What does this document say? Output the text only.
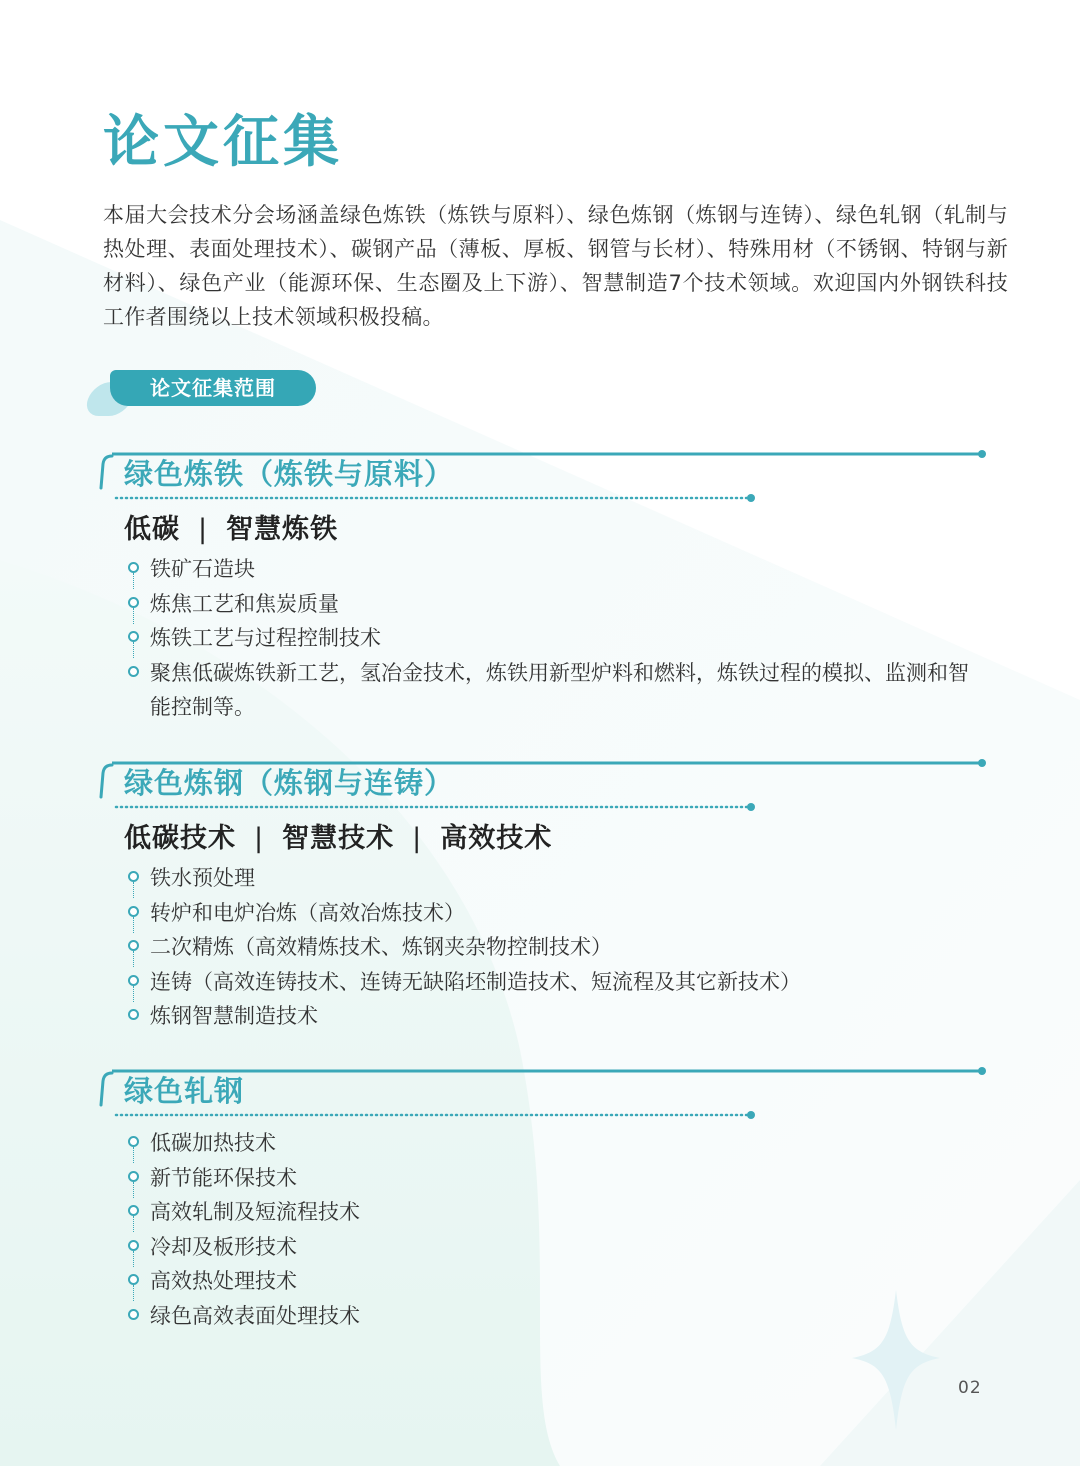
论文征集
本届大会技术分会场涵盖绿色炼铁（炼铁与原料）、绿色炼钢（炼钢与连铸）、绿色轧钢（轧制与热处理、表面处理技术）、碳钢产品（薄板、厚板、钢管与长材）、特殊用材（不锈钢、特钢与新材料）、绿色产业（能源环保、生态圈及上下游）、智慧制造7个技术领域。欢迎国内外钢铁科技工作者围绕以上技术领域积极投稿。
论文征集范围
绿色炼铁（炼铁与原料）
低碳 | 智慧炼铁
铁矿石造块
炼焦工艺和焦炭质量
炼铁工艺与过程控制技术
聚焦低碳炼铁新工艺，氢冶金技术，炼铁用新型炉料和燃料，炼铁过程的模拟、监测和智能控制等。
绿色炼钢（炼钢与连铸）
低碳技术 | 智慧技术 | 高效技术
铁水预处理
转炉和电炉冶炼（高效冶炼技术）
二次精炼（高效精炼技术、炼钢夹杂物控制技术）
连铸（高效连铸技术、连铸无缺陷坯制造技术、短流程及其它新技术）
炼钢智慧制造技术
绿色轧钢
低碳加热技术
新节能环保技术
高效轧制及短流程技术
冷却及板形技术
高效热处理技术
绿色高效表面处理技术
02
